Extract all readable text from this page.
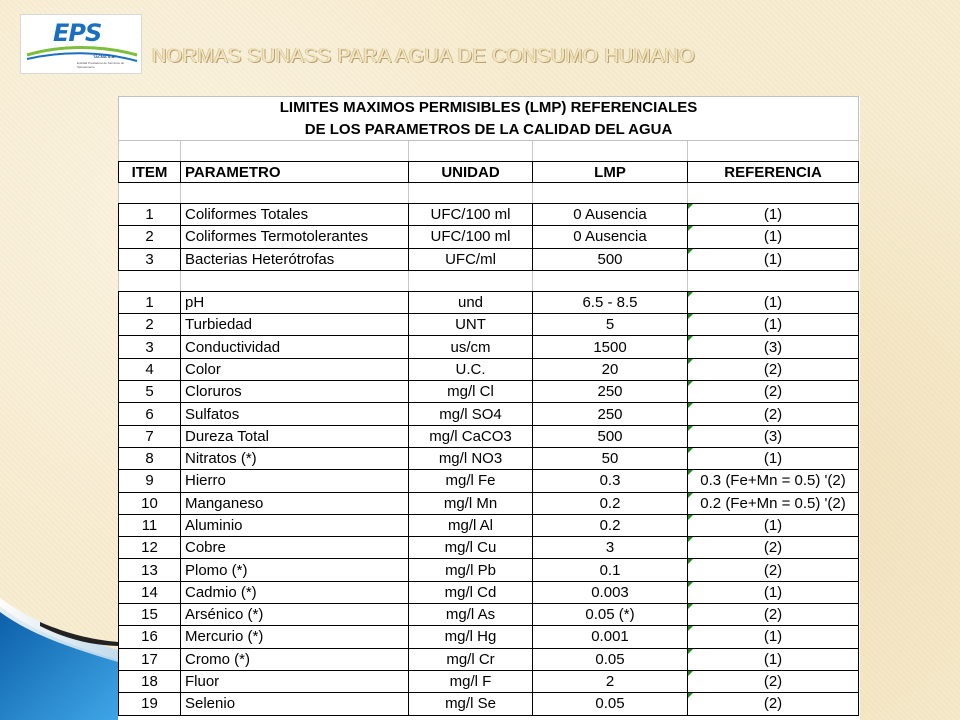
EPS
TACNA S.A.
Entidad Prestadora de Servicios de Saneamiento	NORMAS SUNASS PARA AGUA DE CONSUMO HUMANO
LIMITES MAXIMOS PERMISIBLES (LMP) REFERENCIALES				
DE LOS PARAMETROS DE LA CALIDAD DEL AGUA				

ITEM	PARAMETRO	UNIDAD	LMP	REFERENCIA

1	Coliformes Totales	UFC/100 ml	0 Ausencia	(1)
2	Coliformes Termotolerantes	UFC/100 ml	0 Ausencia	(1)
3	Bacterias Heterótrofas	UFC/ml	500	(1)

1	pH	und	6.5 - 8.5	(1)
2	Turbiedad	UNT	5	(1)
3	Conductividad	us/cm	1500	(3)
4	Color	U.C.	20	(2)
5	Cloruros	mg/l Cl	250	(2)
6	Sulfatos	mg/l SO4	250	(2)
7	Dureza Total	mg/l CaCO3	500	(3)
8	Nitratos (*)	mg/l NO3	50	(1)
9	Hierro	mg/l Fe	0.3	0.3 (Fe+Mn = 0.5) '(2)
10	Manganeso	mg/l Mn	0.2	0.2 (Fe+Mn = 0.5) '(2)
11	Aluminio	mg/l Al	0.2	(1)
12	Cobre	mg/l Cu	3	(2)
13	Plomo (*)	mg/l Pb	0.1	(2)
14	Cadmio (*)	mg/l Cd	0.003	(1)
15	Arsénico (*)	mg/l As	0.05 (*)	(2)
16	Mercurio (*)	mg/l Hg	0.001	(1)
17	Cromo (*)	mg/l Cr	0.05	(1)
18	Fluor	mg/l F	2	(2)
19	Selenio	mg/l Se	0.05	(2)
